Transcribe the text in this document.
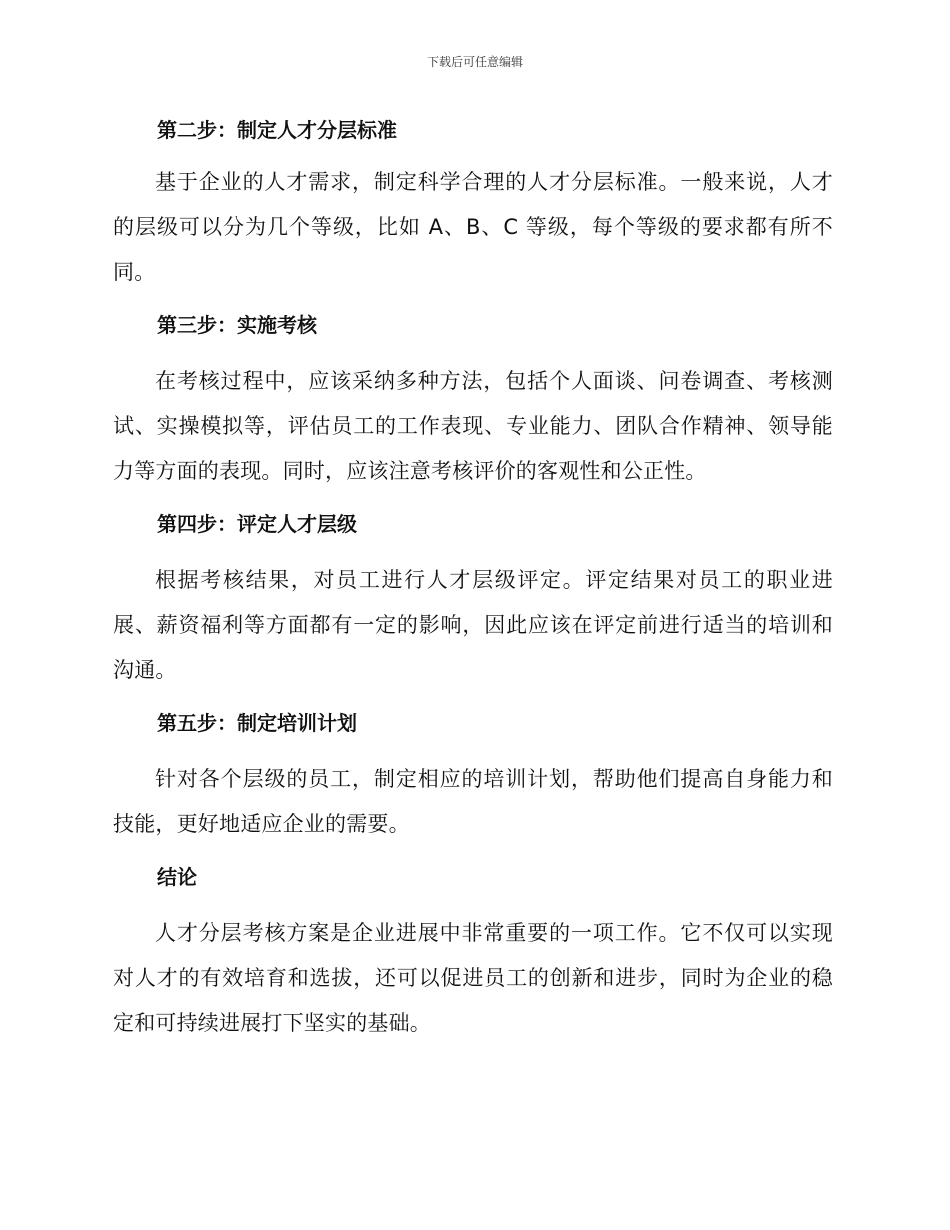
下载后可任意编辑
第二步：制定人才分层标准

基于企业的人才需求，制定科学合理的人才分层标准。一般来说，人才的层级可以分为几个等级，比如 A、B、C 等级，每个等级的要求都有所不同。

第三步：实施考核

在考核过程中，应该采纳多种方法，包括个人面谈、问卷调查、考核测试、实操模拟等，评估员工的工作表现、专业能力、团队合作精神、领导能力等方面的表现。同时，应该注意考核评价的客观性和公正性。

第四步：评定人才层级

根据考核结果，对员工进行人才层级评定。评定结果对员工的职业进展、薪资福利等方面都有一定的影响，因此应该在评定前进行适当的培训和沟通。

第五步：制定培训计划

针对各个层级的员工，制定相应的培训计划，帮助他们提高自身能力和技能，更好地适应企业的需要。

结论

人才分层考核方案是企业进展中非常重要的一项工作。它不仅可以实现对人才的有效培育和选拔，还可以促进员工的创新和进步，同时为企业的稳定和可持续进展打下坚实的基础。
